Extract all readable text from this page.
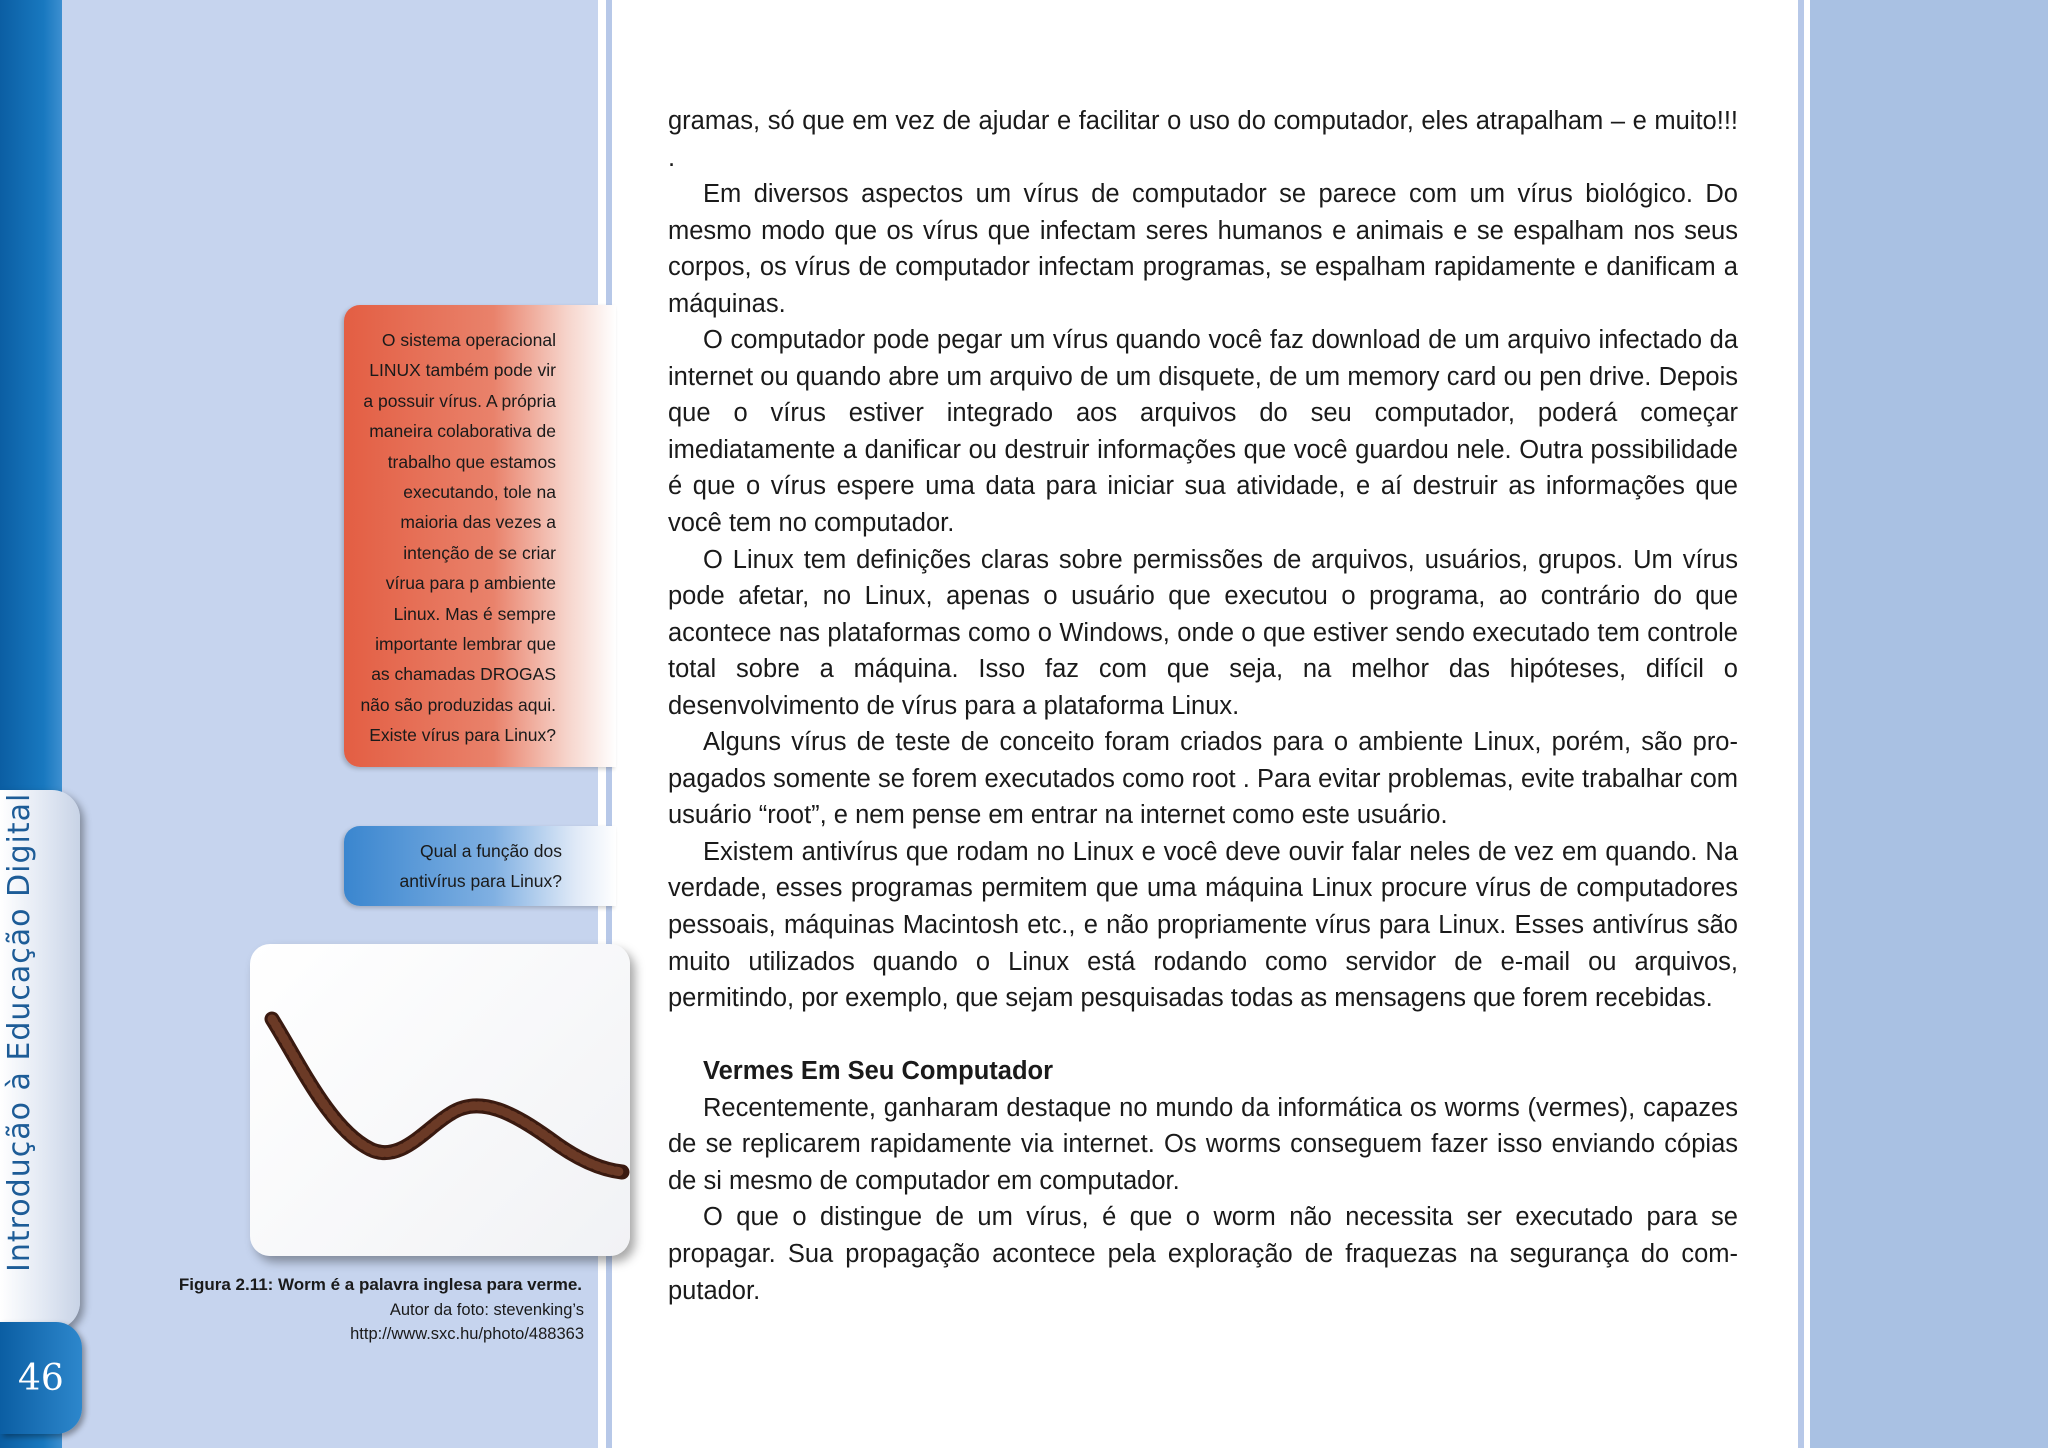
Introdução à Educação Digital
46
O sistema operacional
LINUX também pode vir
a possuir vírus. A própria
maneira colaborativa de
trabalho que estamos
executando, tole na
maioria das vezes a
intenção de se criar
vírua para p ambiente
Linux. Mas é sempre
importante lembrar que
as chamadas DROGAS
não são produzidas aqui.
Existe vírus para Linux?
Qual a função dos
antivírus para Linux?
Figura 2.11: Worm é a palavra inglesa para verme.
Autor da foto: stevenking’s
http://www.sxc.hu/photo/488363

gramas, só que em vez de ajudar e facilitar o uso do computador, eles atrapalham – e muito!!! .

Em diversos aspectos um vírus de computador se parece com um vírus biológico. Do mesmo modo que os vírus que infectam seres humanos e animais e se espalham nos seus corpos, os vírus de computador infectam programas, se espalham rapidamente e danificam a máquinas.

O computador pode pegar um vírus quando você faz download de um arquivo infectado da internet ou quando abre um arquivo de um disquete, de um memory card ou pen drive. Depois que o vírus estiver integrado aos arquivos do seu computador, poderá começar imediatamente a danificar ou destruir informações que você guardou nele. Outra possibilidade é que o vírus espere uma data para iniciar sua atividade, e aí destruir as informações que você tem no computador.

O Linux tem definições claras sobre permissões de arquivos, usuários, grupos. Um vírus pode afetar, no Linux, apenas o usuário que executou o programa, ao contrário do que acontece nas plataformas como o Windows, onde o que estiver sendo executado tem controle total sobre a máquina. Isso faz com que seja, na melhor das hipóteses, difícil o desenvolvimento de vírus para a plataforma Linux.

Alguns vírus de teste de conceito foram criados para o ambiente Linux, porém, são propagados somente se forem executados como root . Para evitar problemas, evite trabalhar com usuário “root”, e nem pense em entrar na internet como este usuário.

Existem antivírus que rodam no Linux e você deve ouvir falar neles de vez em quando. Na verdade, esses programas permitem que uma máquina Linux procure vírus de computadores pessoais, máquinas Macintosh etc., e não propriamente vírus para Linux. Esses antivírus são muito utilizados quando o Linux está rodando como servidor de e-mail ou arquivos, permitindo, por exemplo, que sejam pesquisadas todas as mensagens que forem recebidas.

Vermes Em Seu Computador

Recentemente, ganharam destaque no mundo da informática os worms (vermes), capazes de se replicarem rapidamente via internet. Os worms conseguem fazer isso enviando cópias de si mesmo de computador em computador.

O que o distingue de um vírus, é que o worm não necessita ser executado para se propagar. Sua propagação acontece pela exploração de fraquezas na segurança do computador.
